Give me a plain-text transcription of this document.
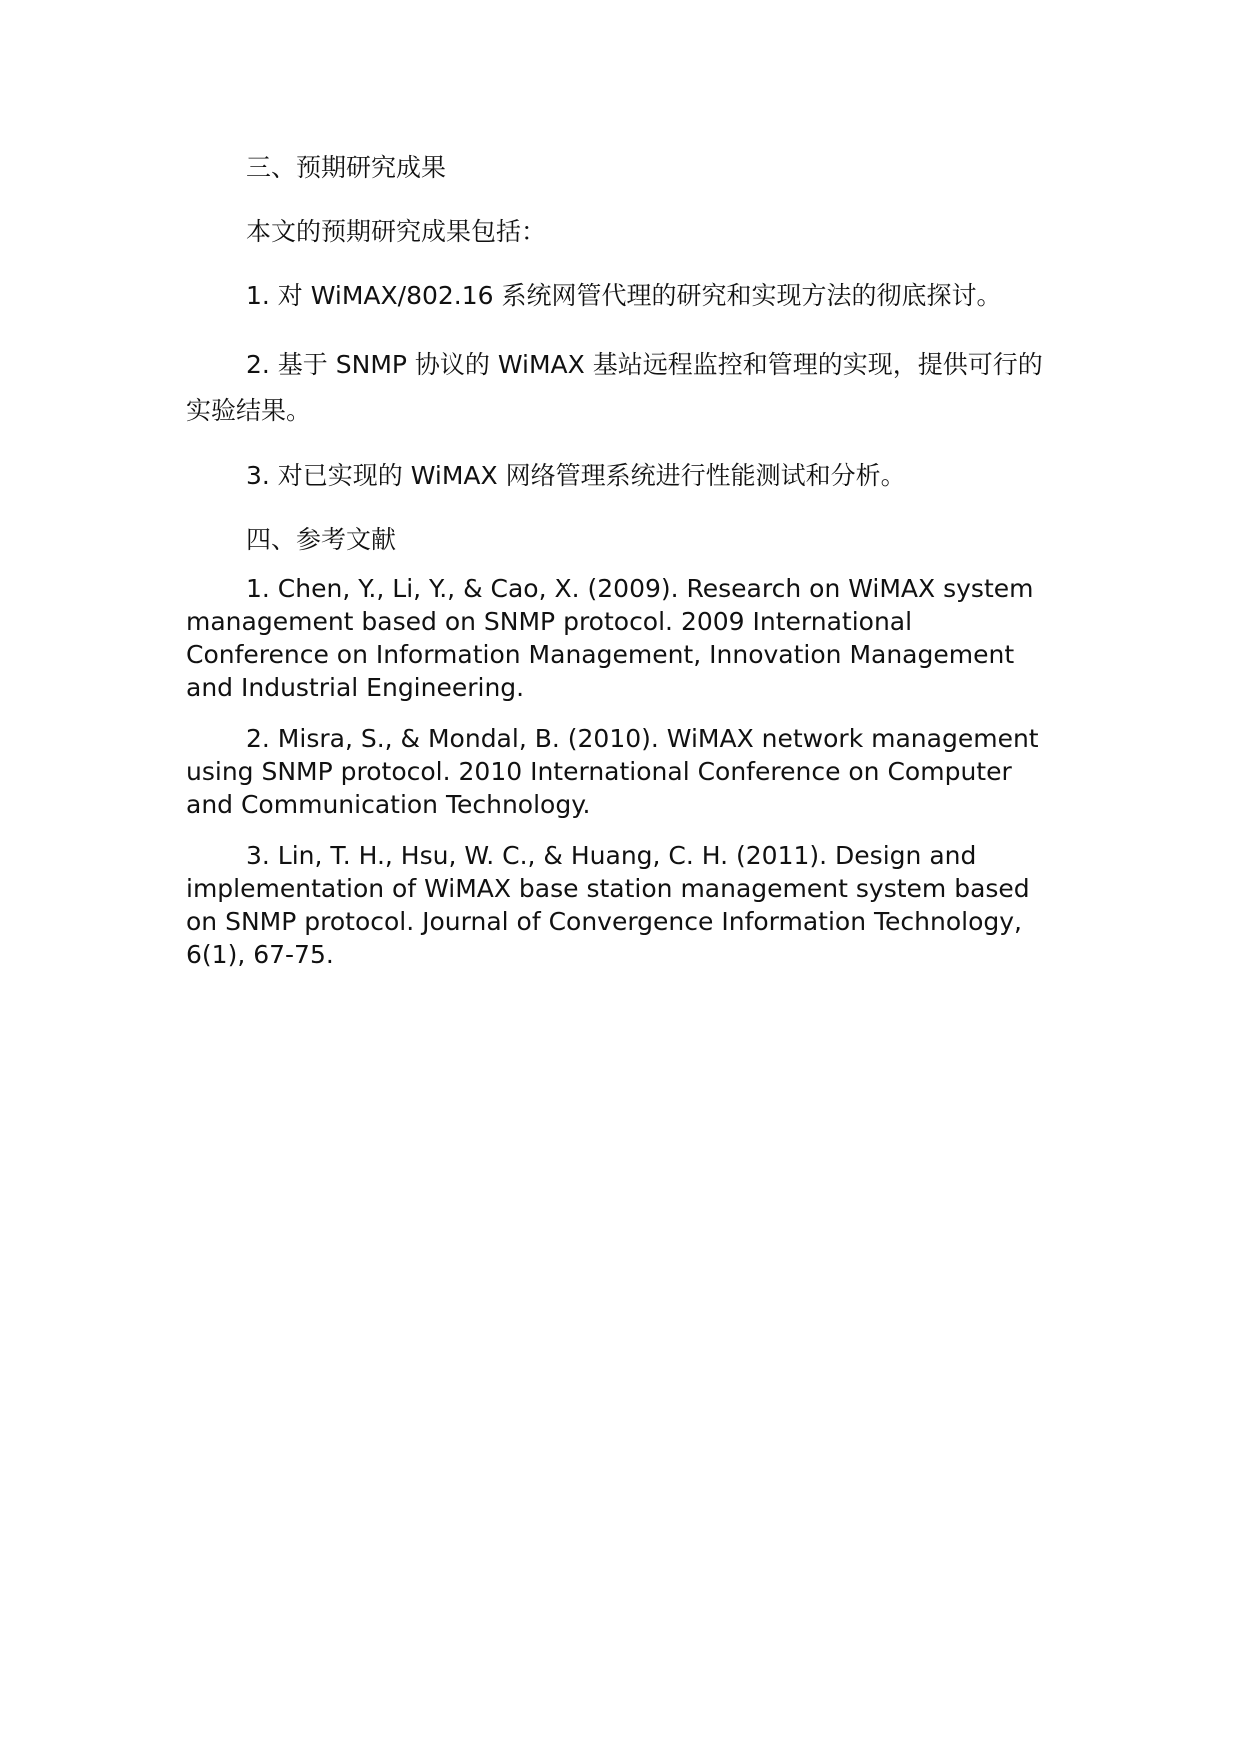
三、预期研究成果

本文的预期研究成果包括：

1. 对 WiMAX/802.16 系统网管代理的研究和实现方法的彻底探讨。

2. 基于 SNMP 协议的 WiMAX 基站远程监控和管理的实现，提供可行的实验结果。

3. 对已实现的 WiMAX 网络管理系统进行性能测试和分析。

四、参考文献

1. Chen, Y., Li, Y., & Cao, X. (2009). Research on WiMAX system management based on SNMP protocol. 2009 International Conference on Information Management, Innovation Management and Industrial Engineering.

2. Misra, S., & Mondal, B. (2010). WiMAX network management using SNMP protocol. 2010 International Conference on Computer and Communication Technology.

3. Lin, T. H., Hsu, W. C., & Huang, C. H. (2011). Design and implementation of WiMAX base station management system based on SNMP protocol. Journal of Convergence Information Technology, 6(1), 67-75.
